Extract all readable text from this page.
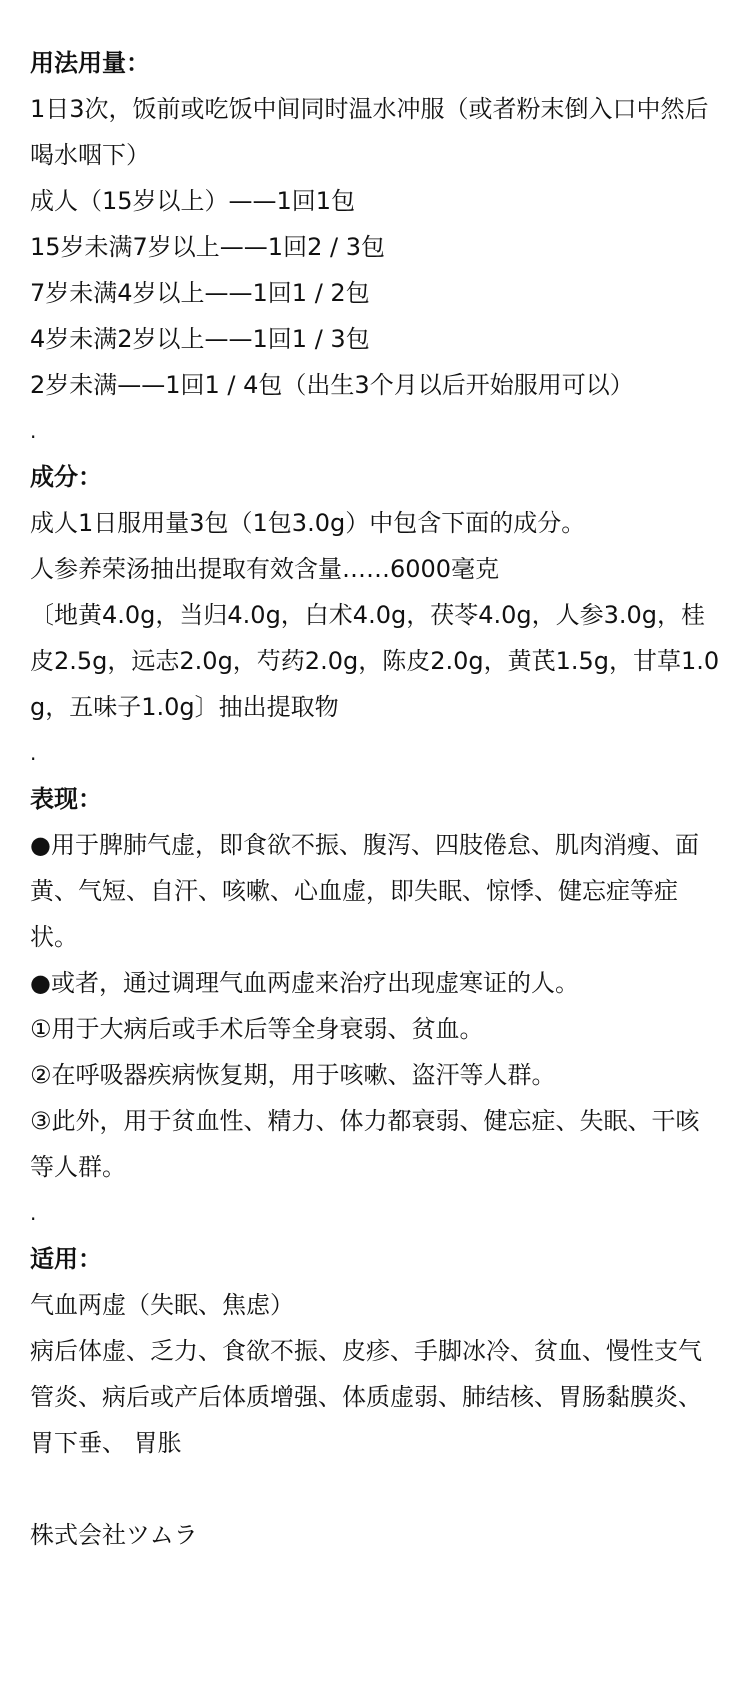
用法用量：

1日3次，饭前或吃饭中间同时温水冲服（或者粉末倒入口中然后喝水咽下）

成人（15岁以上）——1回1包

15岁未满7岁以上——1回2 / 3包

7岁未满4岁以上——1回1 / 2包

4岁未满2岁以上——1回1 / 3包

2岁未满——1回1 / 4包（出生3个月以后开始服用可以）

.

成分：

成人1日服用量3包（1包3.0g）中包含下面的成分。

人参养荣汤抽出提取有效含量……6000毫克

〔地黄4.0g，当归4.0g，白术4.0g，茯苓4.0g，人参3.0g，桂皮2.5g，远志2.0g，芍药2.0g，陈皮2.0g，黄芪1.5g，甘草1.0g，五味子1.0g〕抽出提取物

.

表现：

●用于脾肺气虚，即食欲不振、腹泻、四肢倦怠、肌肉消瘦、面黄、气短、自汗、咳嗽、心血虚，即失眠、惊悸、健忘症等症状。

●或者，通过调理气血两虚来治疗出现虚寒证的人。

①用于大病后或手术后等全身衰弱、贫血。

②在呼吸器疾病恢复期，用于咳嗽、盗汗等人群。

③此外，用于贫血性、精力、体力都衰弱、健忘症、失眠、干咳等人群。

.

适用：

气血两虚（失眠、焦虑）

病后体虚、乏力、食欲不振、皮疹、手脚冰冷、贫血、慢性支气管炎、病后或产后体质增强、体质虚弱、肺结核、胃肠黏膜炎、胃下垂、 胃胀

株式会社ツムラ
